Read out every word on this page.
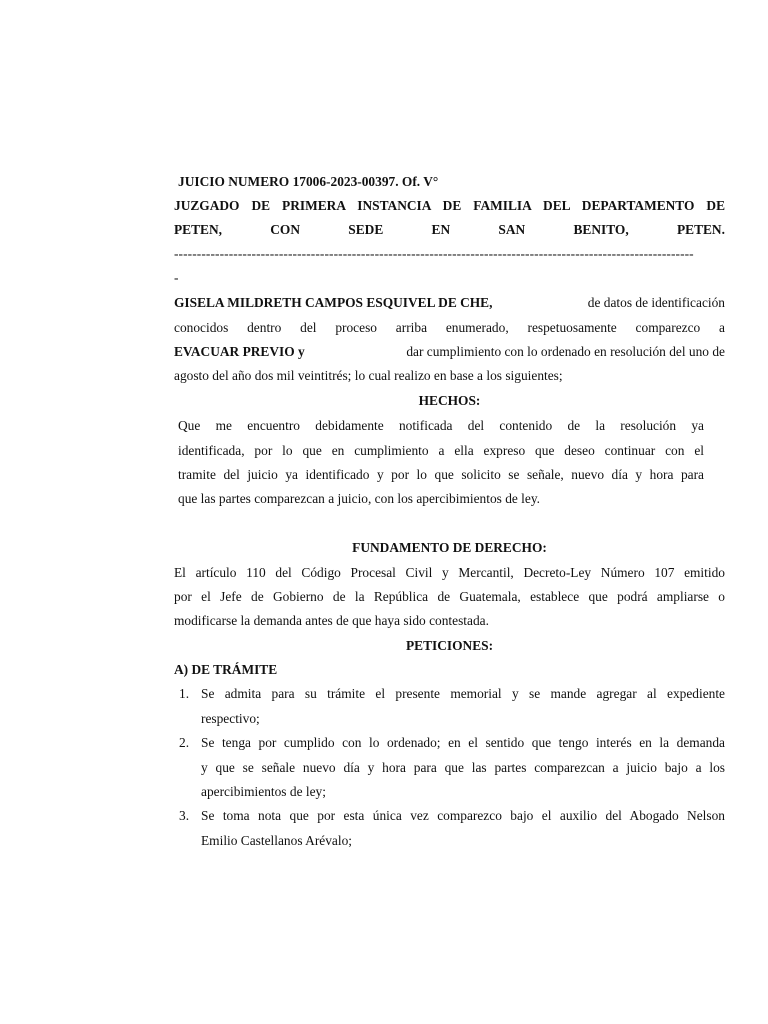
JUICIO NUMERO 17006-2023-00397. Of. V°
JUZGADO DE PRIMERA INSTANCIA DE FAMILIA DEL DEPARTAMENTO DE
PETEN,	CON	SEDE	EN	SAN	BENITO,	PETEN.
------------------------------------------------------------------------------------------------------------------
-
GISELA MILDRETH CAMPOS ESQUIVEL DE CHE,	de datos de identificación
conocidos dentro del proceso arriba enumerado, respetuosamente comparezco a
EVACUAR PREVIO y	dar cumplimiento con lo ordenado en resolución del uno de
agosto del año dos mil veintitrés; lo cual realizo en base a los siguientes;
HECHOS:
Que me encuentro debidamente notificada del contenido de la resolución ya
identificada, por lo que en cumplimiento a ella expreso que deseo continuar con el
tramite del juicio ya identificado y por lo que solicito se señale, nuevo día y hora para
que las partes comparezcan a juicio, con los apercibimientos de ley.
FUNDAMENTO DE DERECHO:
El artículo 110 del Código Procesal Civil y Mercantil, Decreto-Ley Número 107 emitido
por el Jefe de Gobierno de la República de Guatemala, establece que podrá ampliarse o
modificarse la demanda antes de que haya sido contestada.
PETICIONES:
A) DE TRÁMITE
1. Se admita para su trámite el presente memorial y se mande agregar al expediente
respectivo;
2. Se tenga por cumplido con lo ordenado; en el sentido que tengo interés en la demanda
y que se señale nuevo día y hora para que las partes comparezcan a juicio bajo a los
apercibimientos de ley;
3. Se toma nota que por esta única vez comparezco bajo el auxilio del Abogado Nelson
Emilio Castellanos Arévalo;
